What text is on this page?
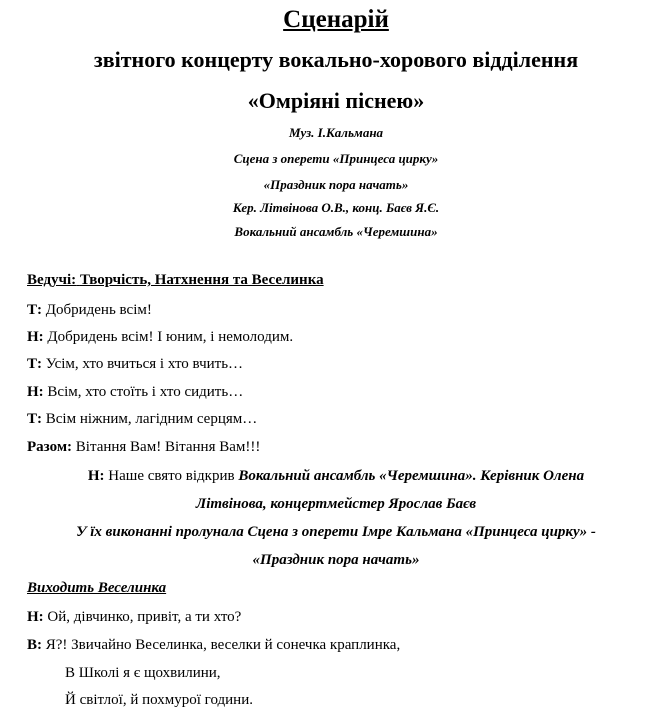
Сценарій
звітного концерту вокально-хорового відділення
«Омріяні піснею»
Муз. І.Кальмана
Сцена з оперети «Принцеса цирку»
«Праздник пора начать»
Кер. Літвінова О.В., конц. Баєв Я.Є.
Вокальний ансамбль «Черемшина»
Ведучі: Творчість, Натхнення та Веселинка
Т: Добридень всім!
Н: Добридень всім! І юним, і немолодим.
Т: Усім, хто вчиться і хто вчить…
Н: Всім, хто стоїть і хто сидить…
Т: Всім ніжним, лагідним серцям…
Разом: Вітання Вам! Вітання Вам!!!
Н: Наше свято відкрив Вокальний ансамбль «Черемшина». Керівник Олена
Літвінова, концертмейстер Ярослав Баєв
У їх виконанні пролунала Сцена з оперети Імре Кальмана «Принцеса цирку» -
«Праздник пора начать»
Виходить Веселинка
Н: Ой, дівчинко, привіт, а ти хто?
В: Я?! Звичайно Веселинка, веселки й сонечка краплинка,
В Школі я є щохвилини,
Й світлої, й похмурої години.
